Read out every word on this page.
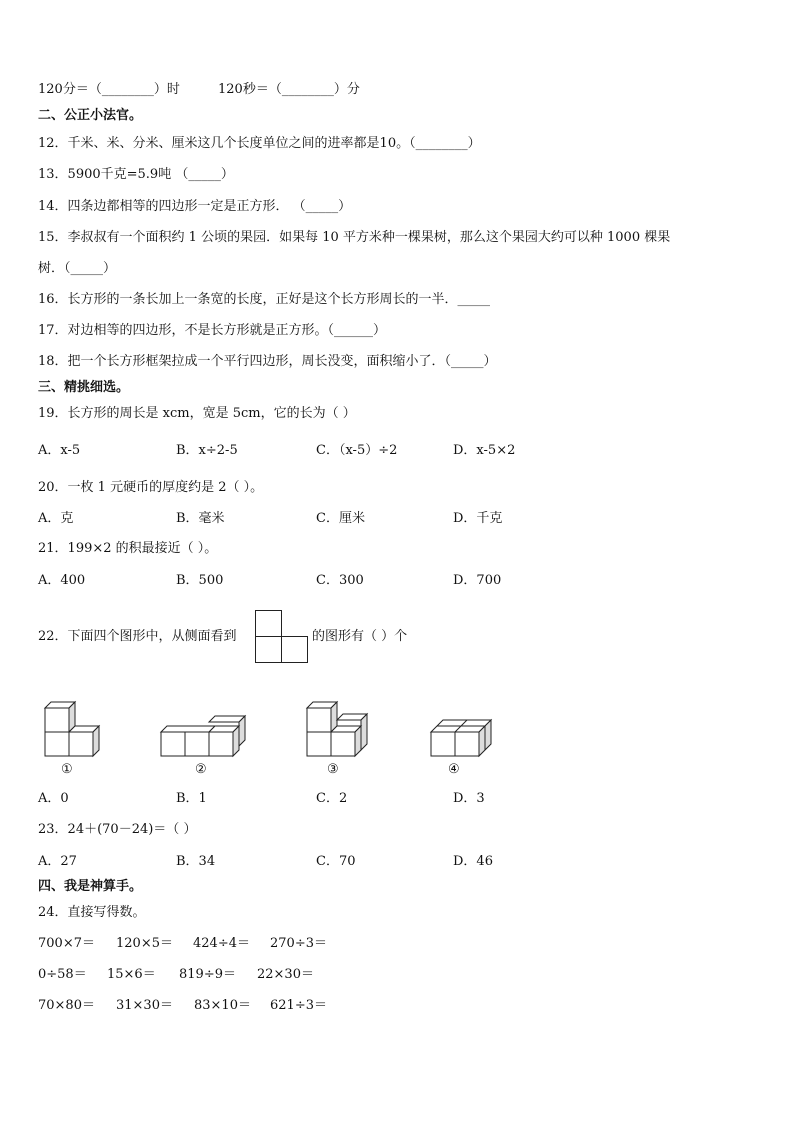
120分＝（________）时	120秒＝（________）分
二、公正小法官。
12．千米、米、分米、厘米这几个长度单位之间的进率都是10。（________）
13．5900千克=5.9吨 （_____）
14．四条边都相等的四边形一定是正方形． （_____）
15．李叔叔有一个面积约 1 公顷的果园．如果每 10 平方米种一棵果树，那么这个果园大约可以种 1000 棵果
树．（_____）
16．长方形的一条长加上一条宽的长度，正好是这个长方形周长的一半．_____
17．对边相等的四边形，不是长方形就是正方形。（______）
18．把一个长方形框架拉成一个平行四边形，周长没变，面积缩小了．（_____）
三、精挑细选。
19．长方形的周长是 xcm，宽是 5cm，它的长为（ ）
A．x-5	B．x÷2-5	C．（x-5）÷2	D．x-5×2
20．一枚 1 元硬币的厚度约是 2（ ）。
A．克	B．毫米	C．厘米	D．千克
21．199×2 的积最接近（ ）。
A．400	B．500	C．300	D．700
22．下面四个图形中，从侧面看到	的图形有（ ）个
①	②	③	④
A．0	B．1	C．2	D．3
23．24＋(70－24)＝（ ）
A．27	B．34	C．70	D．46
四、我是神算手。
24．直接写得数。
700×7＝ 120×5＝ 424÷4＝ 270÷3＝
0÷58＝ 15×6＝ 819÷9＝ 22×30＝
70×80＝ 31×30＝ 83×10＝ 621÷3＝
